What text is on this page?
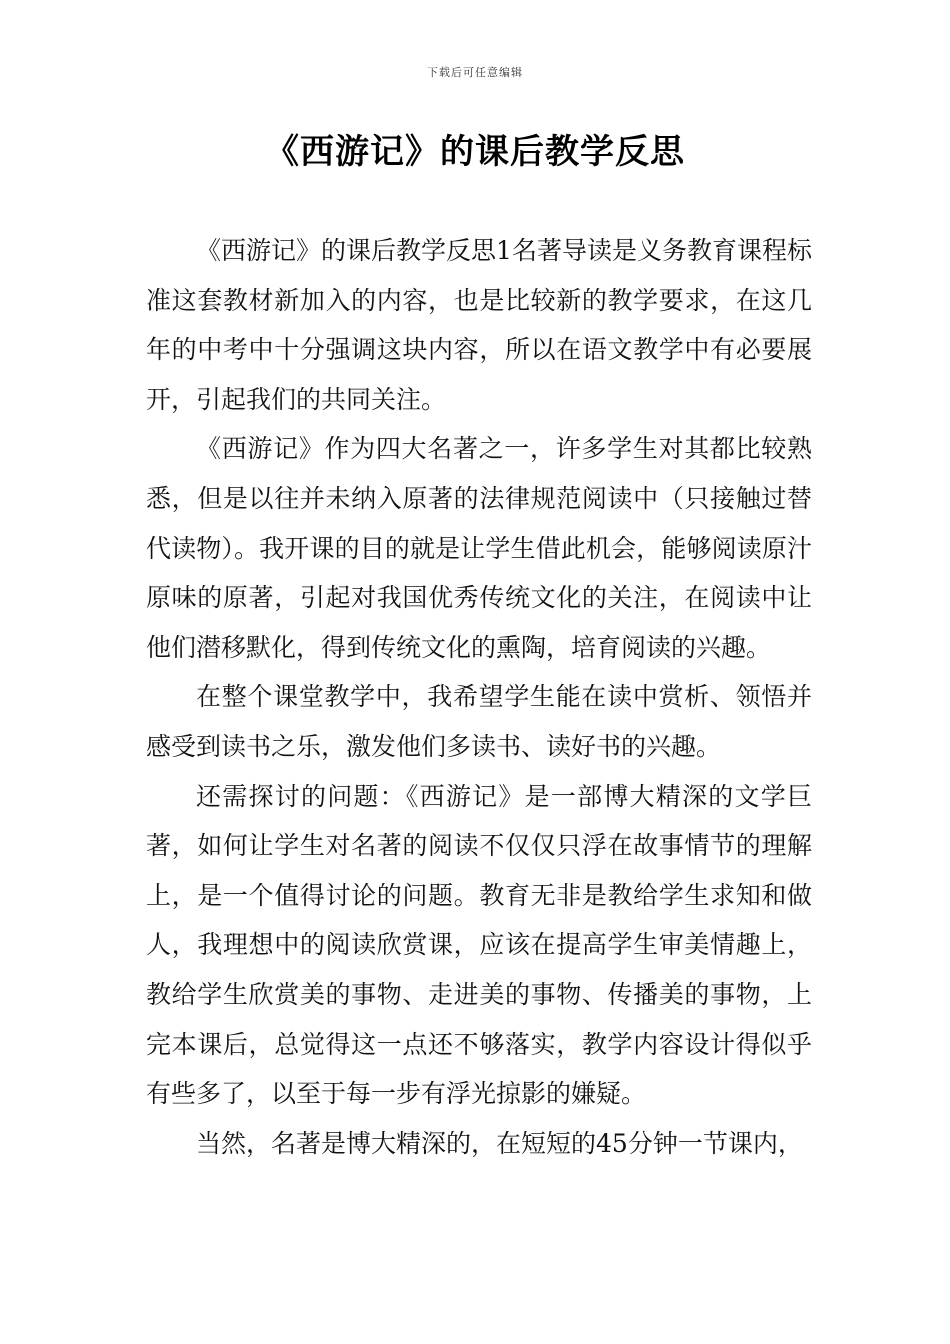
下载后可任意编辑
《西游记》的课后教学反思

《西游记》的课后教学反思1名著导读是义务教育课程标准这套教材新加入的内容，也是比较新的教学要求，在这几年的中考中十分强调这块内容，所以在语文教学中有必要展开，引起我们的共同关注。

《西游记》作为四大名著之一，许多学生对其都比较熟悉，但是以往并未纳入原著的法律规范阅读中（只接触过替代读物）。我开课的目的就是让学生借此机会，能够阅读原汁原味的原著，引起对我国优秀传统文化的关注，在阅读中让他们潜移默化，得到传统文化的熏陶，培育阅读的兴趣。

在整个课堂教学中，我希望学生能在读中赏析、领悟并感受到读书之乐，激发他们多读书、读好书的兴趣。

还需探讨的问题：《西游记》是一部博大精深的文学巨著，如何让学生对名著的阅读不仅仅只浮在故事情节的理解上，是一个值得讨论的问题。教育无非是教给学生求知和做人，我理想中的阅读欣赏课，应该在提高学生审美情趣上，教给学生欣赏美的事物、走进美的事物、传播美的事物，上完本课后，总觉得这一点还不够落实，教学内容设计得似乎有些多了，以至于每一步有浮光掠影的嫌疑。

当然，名著是博大精深的，在短短的45分钟一节课内，
